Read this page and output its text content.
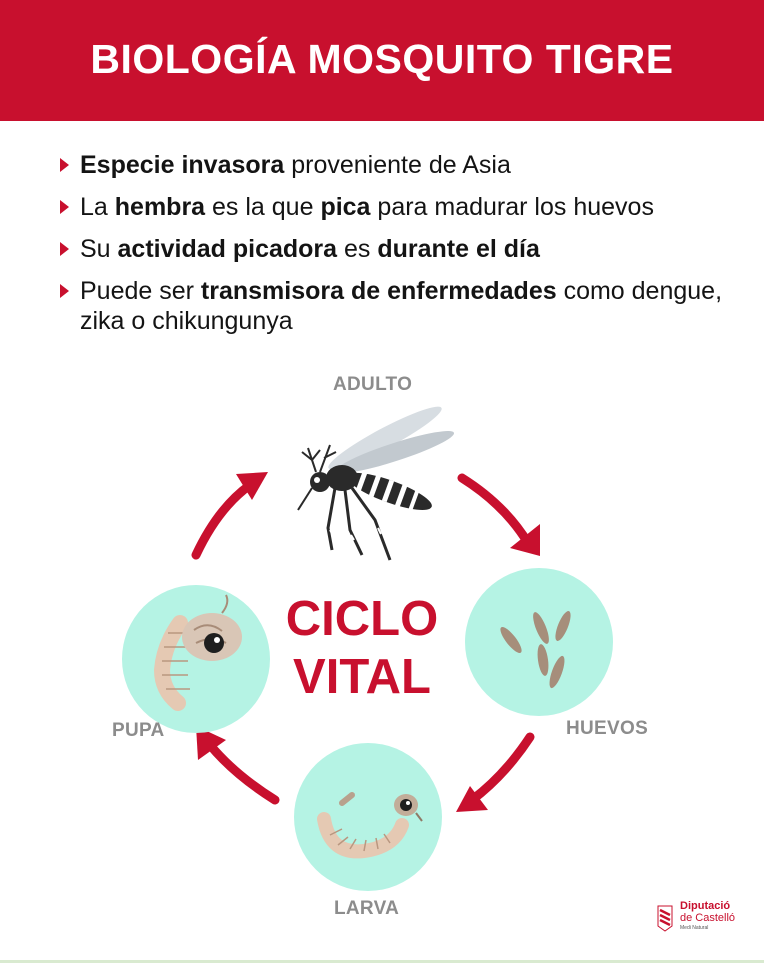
BIOLOGÍA MOSQUITO TIGRE
Especie invasora proveniente de Asia
La hembra es la que pica para madurar los huevos
Su actividad picadora es durante el día
Puede ser transmisora de enfermedades como dengue, zika o chikungunya
ADULTO
PUPA	HUEVOS
LARVA
CICLO
VITAL
Diputació
de Castelló
Medi Natural
